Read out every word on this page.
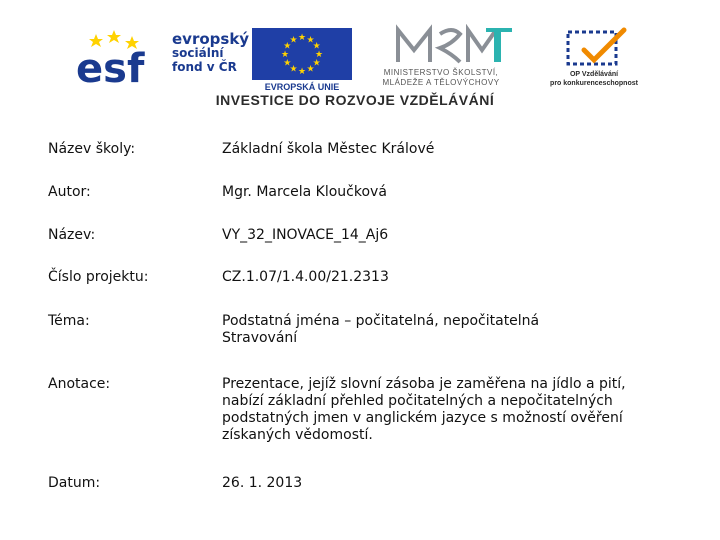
esf
evropský
sociální
fond v ČR
★ ★
★
★
★
★
★
★
★
★
★
★
EVROPSKÁ UNIE
MINISTERSTVO ŠKOLSTVÍ,
MLÁDEŽE A TĚLOVÝCHOVY
OP Vzdělávání
pro konkurenceschopnost
INVESTICE DO ROZVOJE VZDĚLÁVÁNÍ
Název školy:	Základní škola Městec Králové
Autor:	Mgr. Marcela Kloučková
Název:	VY_32_INOVACE_14_Aj6
Číslo projektu:	CZ.1.07/1.4.00/21.2313
Téma:	Podstatná jména – počitatelná, nepočitatelná Stravování
Anotace:	Prezentace, jejíž slovní zásoba je zaměřena na jídlo a pití, nabízí základní přehled počitatelných a nepočitatelných podstatných jmen v anglickém jazyce s možností ověření získaných vědomostí.
Datum:	26. 1. 2013
